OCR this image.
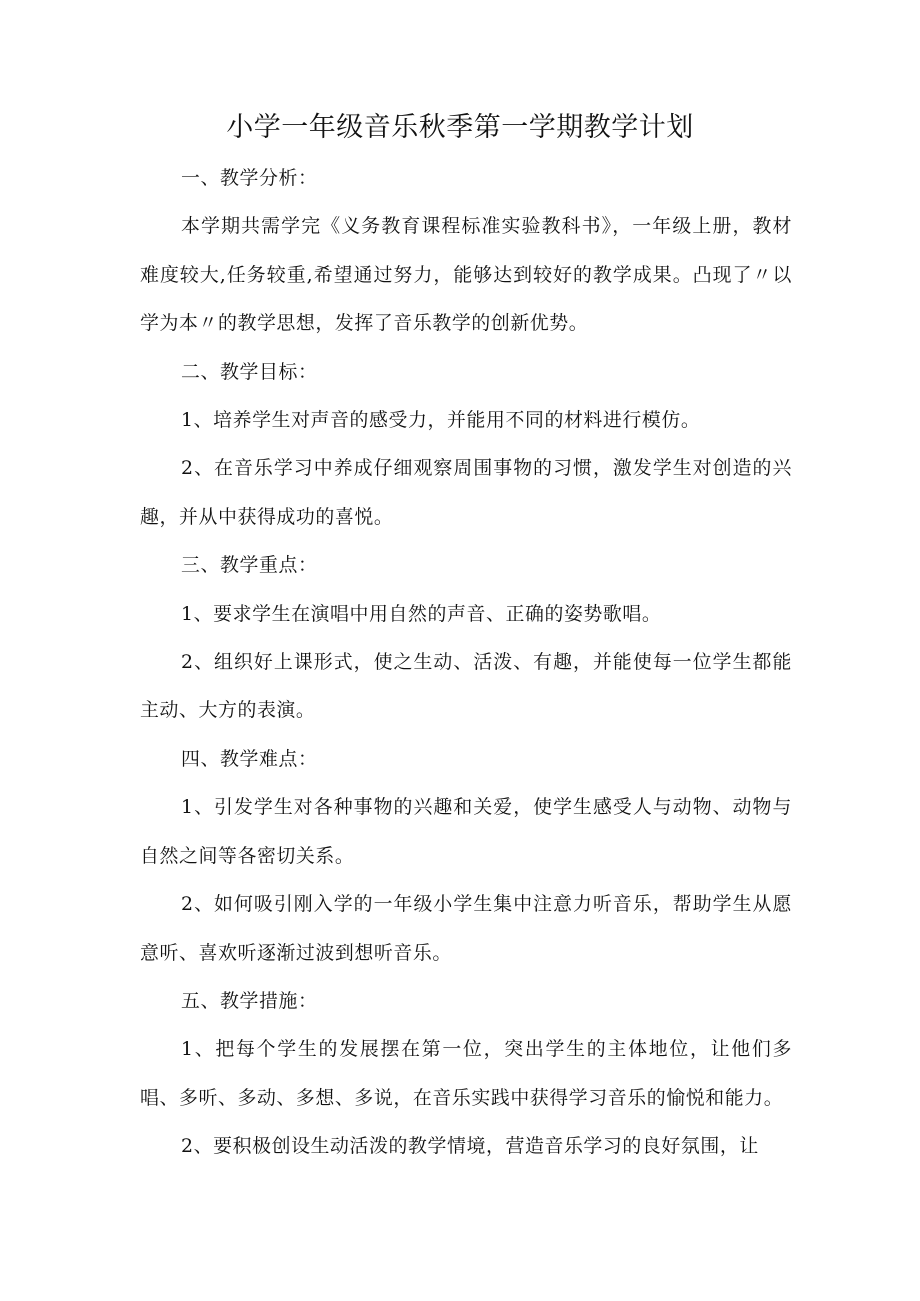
小学一年级音乐秋季第一学期教学计划

一、教学分析：

本学期共需学完《义务教育课程标准实验教科书》，一年级上册，教材难度较大,任务较重,希望通过努力，能够达到较好的教学成果。凸现了〃以学为本〃的教学思想，发挥了音乐教学的创新优势。

二、教学目标：

1、培养学生对声音的感受力，并能用不同的材料进行模仿。

2、在音乐学习中养成仔细观察周围事物的习惯，激发学生对创造的兴趣，并从中获得成功的喜悦。

三、教学重点：

1、要求学生在演唱中用自然的声音、正确的姿势歌唱。

2、组织好上课形式，使之生动、活泼、有趣，并能使每一位学生都能主动、大方的表演。

四、教学难点：

1、引发学生对各种事物的兴趣和关爱，使学生感受人与动物、动物与自然之间等各密切关系。

2、如何吸引刚入学的一年级小学生集中注意力听音乐，帮助学生从愿意听、喜欢听逐渐过波到想听音乐。

五、教学措施：

1、把每个学生的发展摆在第一位，突出学生的主体地位，让他们多唱、多听、多动、多想、多说，在音乐实践中获得学习音乐的愉悦和能力。

2、要积极创设生动活泼的教学情境，营造音乐学习的良好氛围，让
